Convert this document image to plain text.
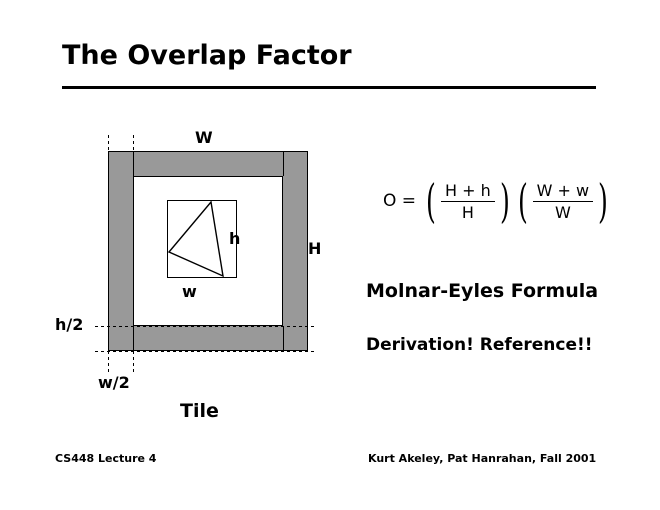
The Overlap Factor
W
H
h
w
h/2
w/2
Tile
O = ( $\frac{H + h}{H}$ ) ( $\frac{W + w}{W}$ )
Molnar-Eyles Formula
Derivation! Reference!!
CS448 Lecture 4	Kurt Akeley, Pat Hanrahan, Fall 2001
